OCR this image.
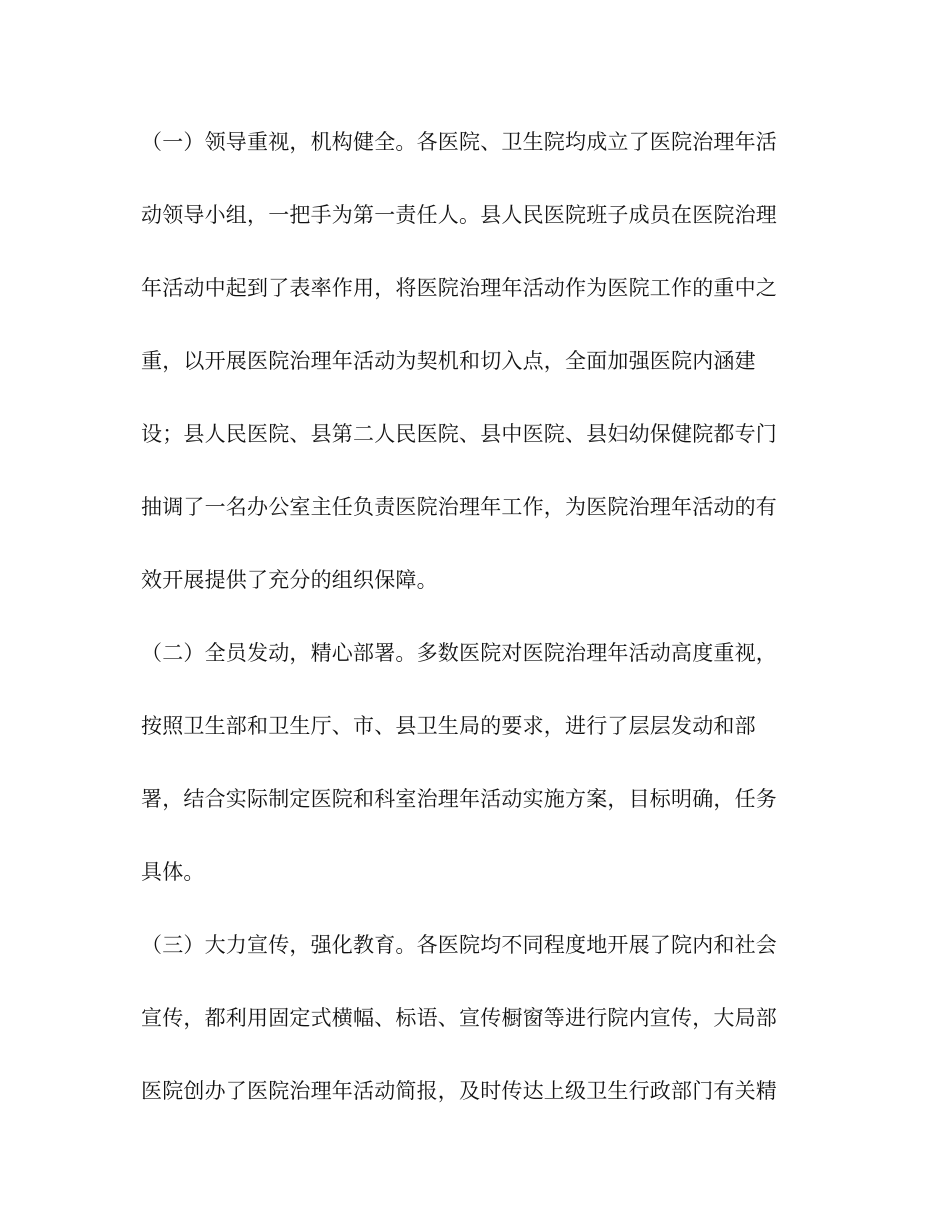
（一）领导重视，机构健全。各医院、卫生院均成立了医院治理年活
动领导小组，一把手为第一责任人。县人民医院班子成员在医院治理
年活动中起到了表率作用，将医院治理年活动作为医院工作的重中之
重，以开展医院治理年活动为契机和切入点，全面加强医院内涵建
设；县人民医院、县第二人民医院、县中医院、县妇幼保健院都专门
抽调了一名办公室主任负责医院治理年工作，为医院治理年活动的有
效开展提供了充分的组织保障。
（二）全员发动，精心部署。多数医院对医院治理年活动高度重视，
按照卫生部和卫生厅、市、县卫生局的要求，进行了层层发动和部
署，结合实际制定医院和科室治理年活动实施方案，目标明确，任务
具体。
（三）大力宣传，强化教育。各医院均不同程度地开展了院内和社会
宣传，都利用固定式横幅、标语、宣传橱窗等进行院内宣传，大局部
医院创办了医院治理年活动简报，及时传达上级卫生行政部门有关精
